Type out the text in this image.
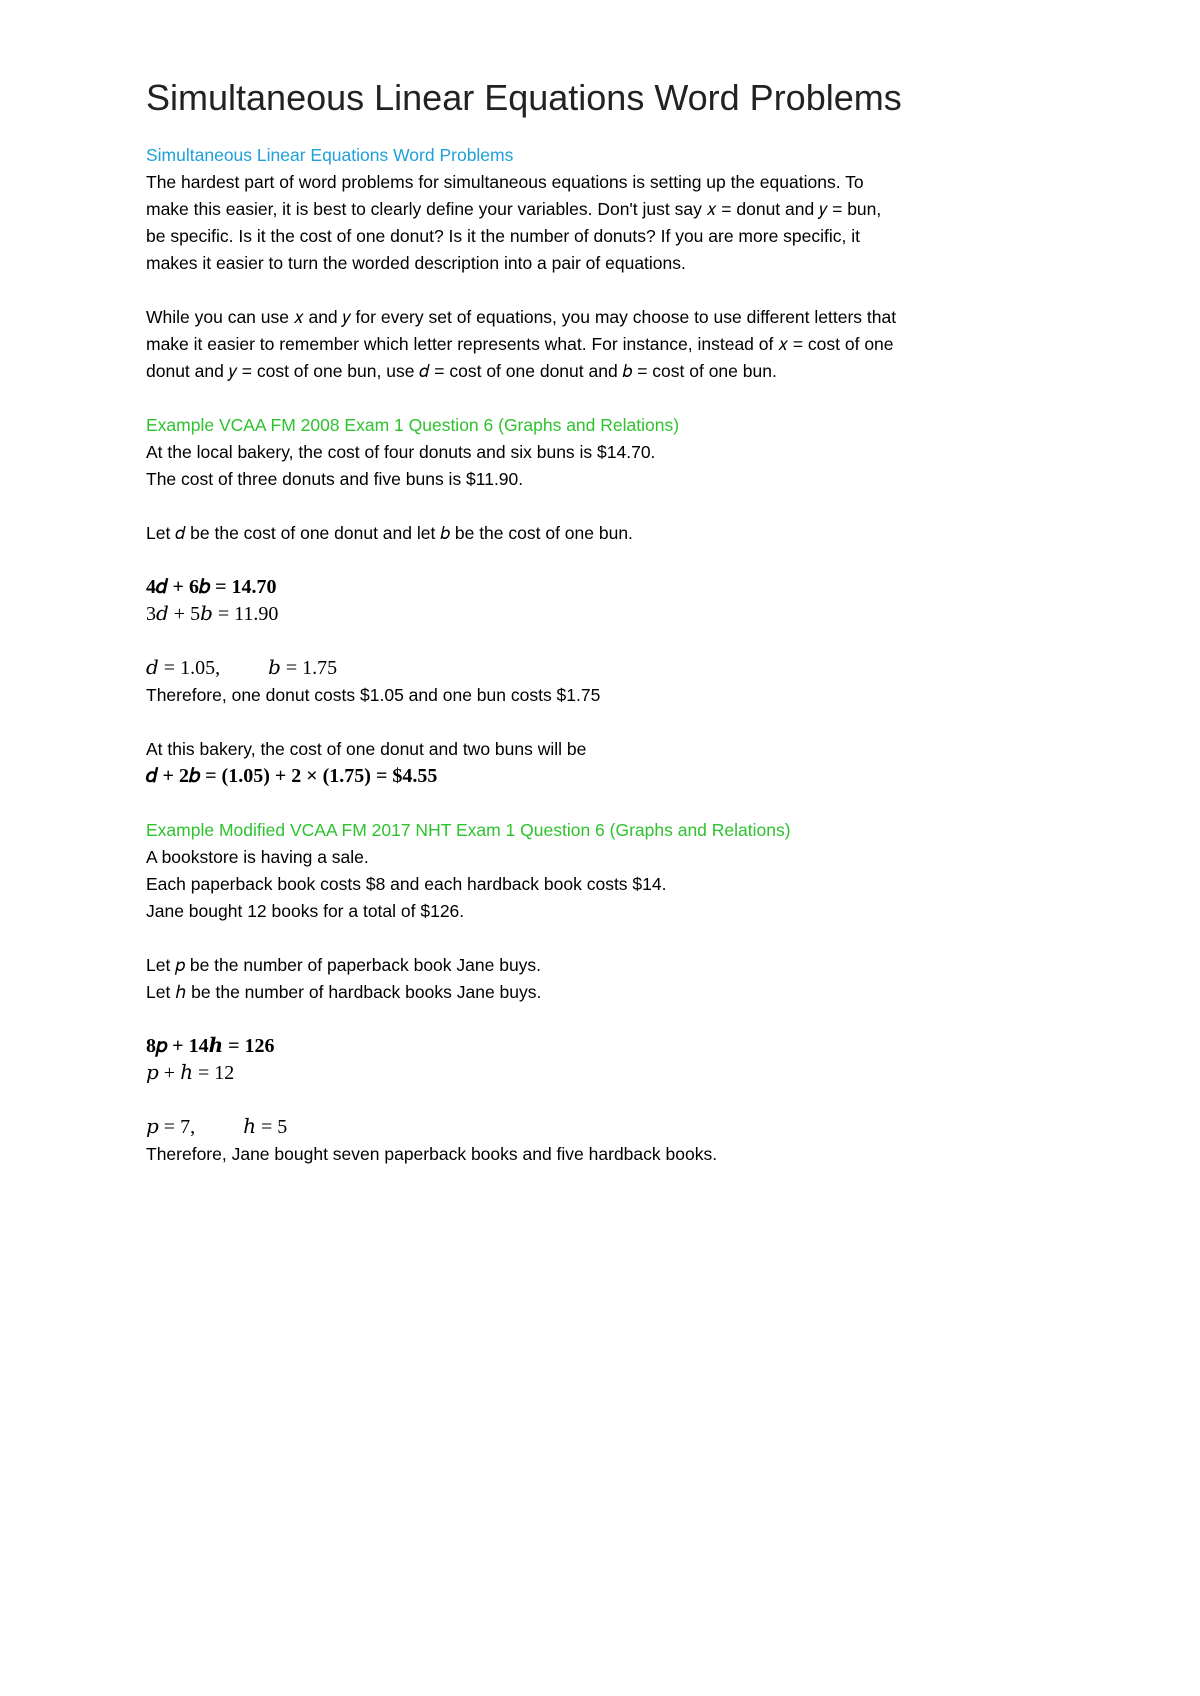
Simultaneous Linear Equations Word Problems
Simultaneous Linear Equations Word Problems
The hardest part of word problems for simultaneous equations is setting up the equations. To
make this easier, it is best to clearly define your variables. Don't just say 𝑥 = donut and 𝑦 = bun,
be specific. Is it the cost of one donut? Is it the number of donuts? If you are more specific, it
makes it easier to turn the worded description into a pair of equations.
While you can use 𝑥 and 𝑦 for every set of equations, you may choose to use different letters that
make it easier to remember which letter represents what. For instance, instead of 𝑥 = cost of one
donut and 𝑦 = cost of one bun, use 𝑑 = cost of one donut and 𝑏 = cost of one bun.
Example VCAA FM 2008 Exam 1 Question 6 (Graphs and Relations)
At the local bakery, the cost of four donuts and six buns is $14.70.
The cost of three donuts and five buns is $11.90.
Let 𝑑 be the cost of one donut and let 𝑏 be the cost of one bun.
4𝑑 + 6𝑏 = 14.70
3𝑑 + 5𝑏 = 11.90
𝑑 = 1.05, 𝑏 = 1.75
Therefore, one donut costs $1.05 and one bun costs $1.75
At this bakery, the cost of one donut and two buns will be
𝑑 + 2𝑏 = (1.05) + 2 × (1.75) = $4.55
Example Modified VCAA FM 2017 NHT Exam 1 Question 6 (Graphs and Relations)
A bookstore is having a sale.
Each paperback book costs $8 and each hardback book costs $14.
Jane bought 12 books for a total of $126.
Let 𝑝 be the number of paperback book Jane buys.
Let ℎ be the number of hardback books Jane buys.
8𝑝 + 14ℎ = 126
𝑝 + ℎ = 12
𝑝 = 7, ℎ = 5
Therefore, Jane bought seven paperback books and five hardback books.
